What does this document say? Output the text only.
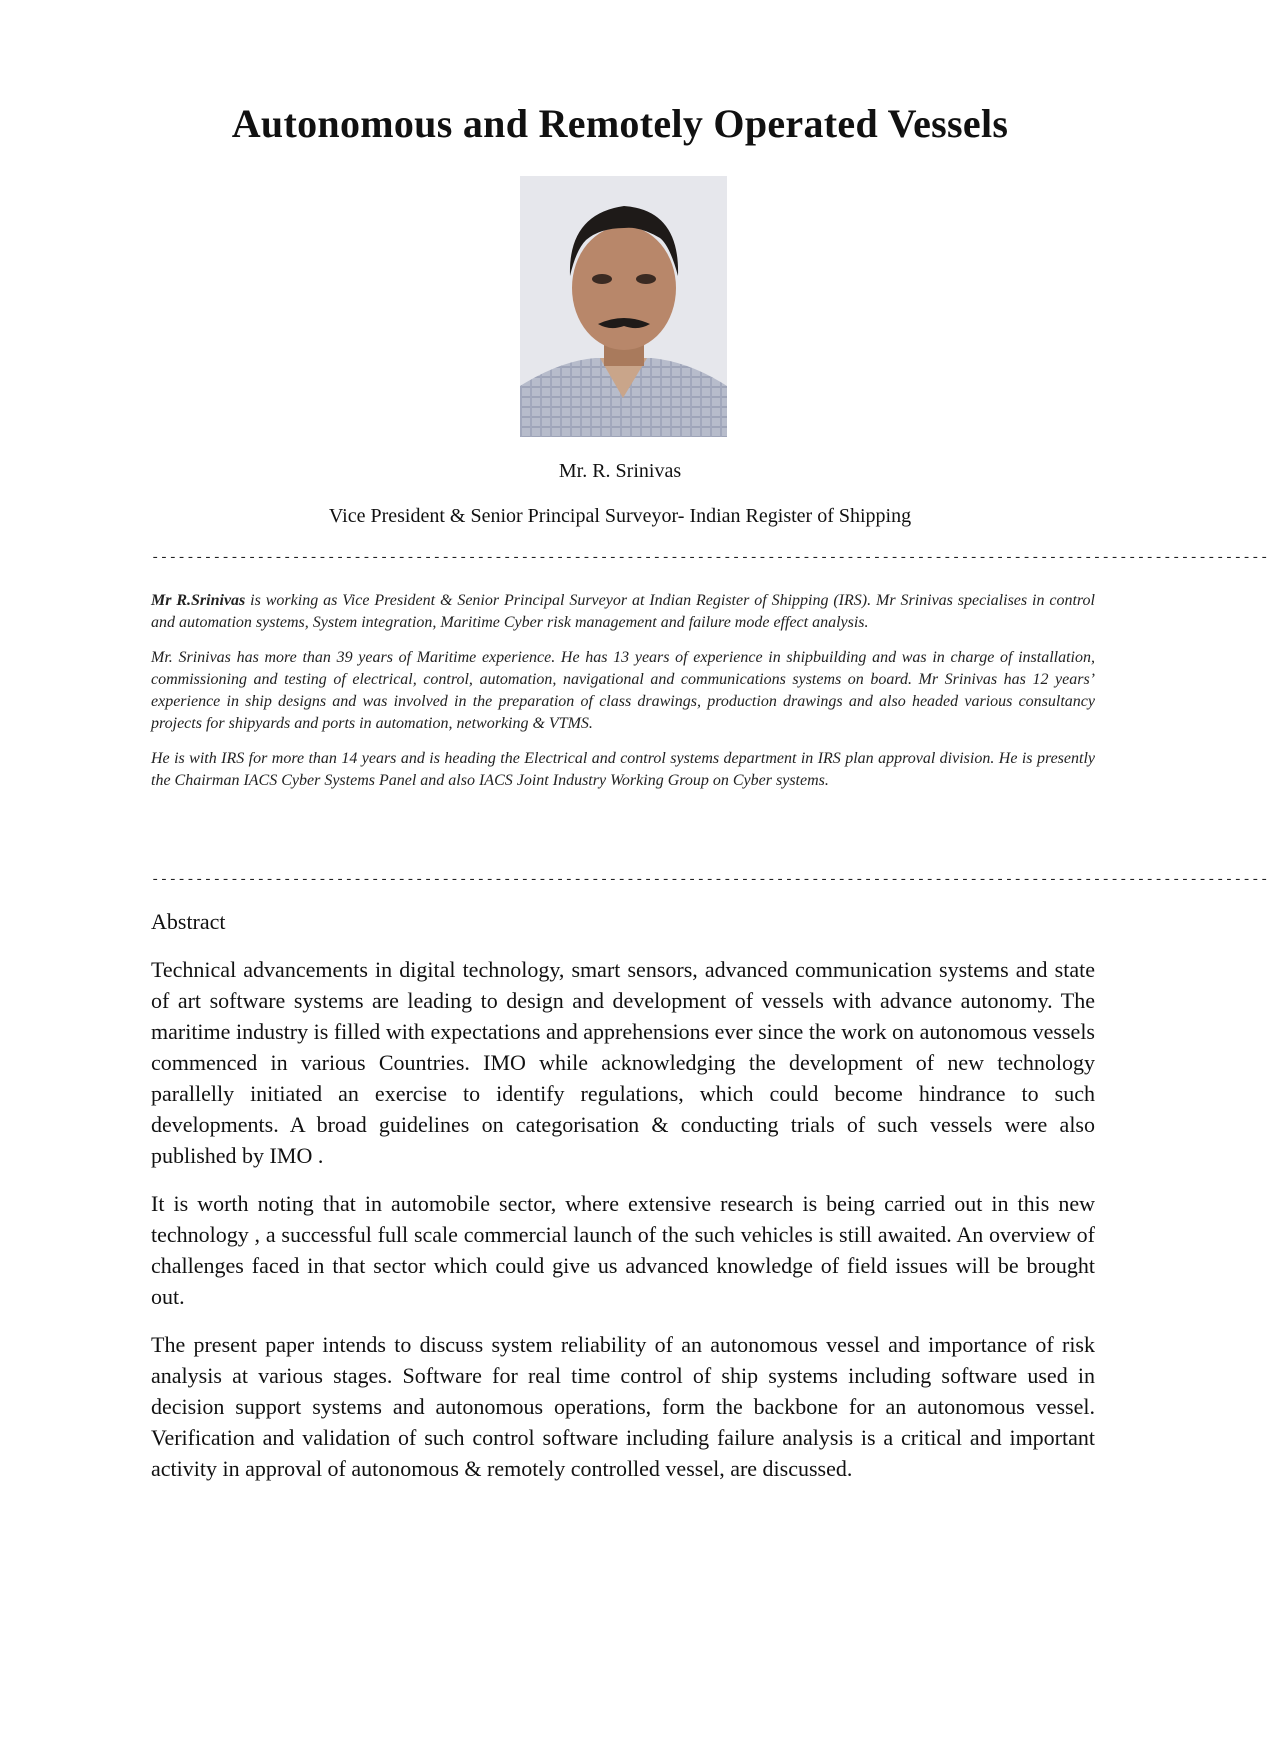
Autonomous and Remotely Operated Vessels
Mr. R. Srinivas
Vice President & Senior Principal Surveyor- Indian Register of Shipping
-------------------------------------------------------------------------------------------------------------------------------

Mr R.Srinivas is working as Vice President & Senior Principal Surveyor at Indian Register of Shipping (IRS). Mr Srinivas specialises in control and automation systems, System integration, Maritime Cyber risk management and failure mode effect analysis.

Mr. Srinivas has more than 39 years of Maritime experience. He has 13 years of experience in shipbuilding and was in charge of installation, commissioning and testing of electrical, control, automation, navigational and communications systems on board. Mr Srinivas has 12 years’ experience in ship designs and was involved in the preparation of class drawings, production drawings and also headed various consultancy projects for shipyards and ports in automation, networking & VTMS.

He is with IRS for more than 14 years and is heading the Electrical and control systems department in IRS plan approval division. He is presently the Chairman IACS Cyber Systems Panel and also IACS Joint Industry Working Group on Cyber systems.

-------------------------------------------------------------------------------------------------------------------------------
Abstract

Technical advancements in digital technology, smart sensors, advanced communication systems and state of art software systems are leading to design and development of vessels with advance autonomy. The maritime industry is filled with expectations and apprehensions ever since the work on autonomous vessels commenced in various Countries. IMO while acknowledging the development of new technology parallelly initiated an exercise to identify regulations, which could become hindrance to such developments. A broad guidelines on categorisation & conducting trials of such vessels were also published by IMO .

It is worth noting that in automobile sector, where extensive research is being carried out in this new technology , a successful full scale commercial launch of the such vehicles is still awaited. An overview of challenges faced in that sector which could give us advanced knowledge of field issues will be brought out.

The present paper intends to discuss system reliability of an autonomous vessel and importance of risk analysis at various stages. Software for real time control of ship systems including software used in decision support systems and autonomous operations, form the backbone for an autonomous vessel. Verification and validation of such control software including failure analysis is a critical and important activity in approval of autonomous & remotely controlled vessel, are discussed.
